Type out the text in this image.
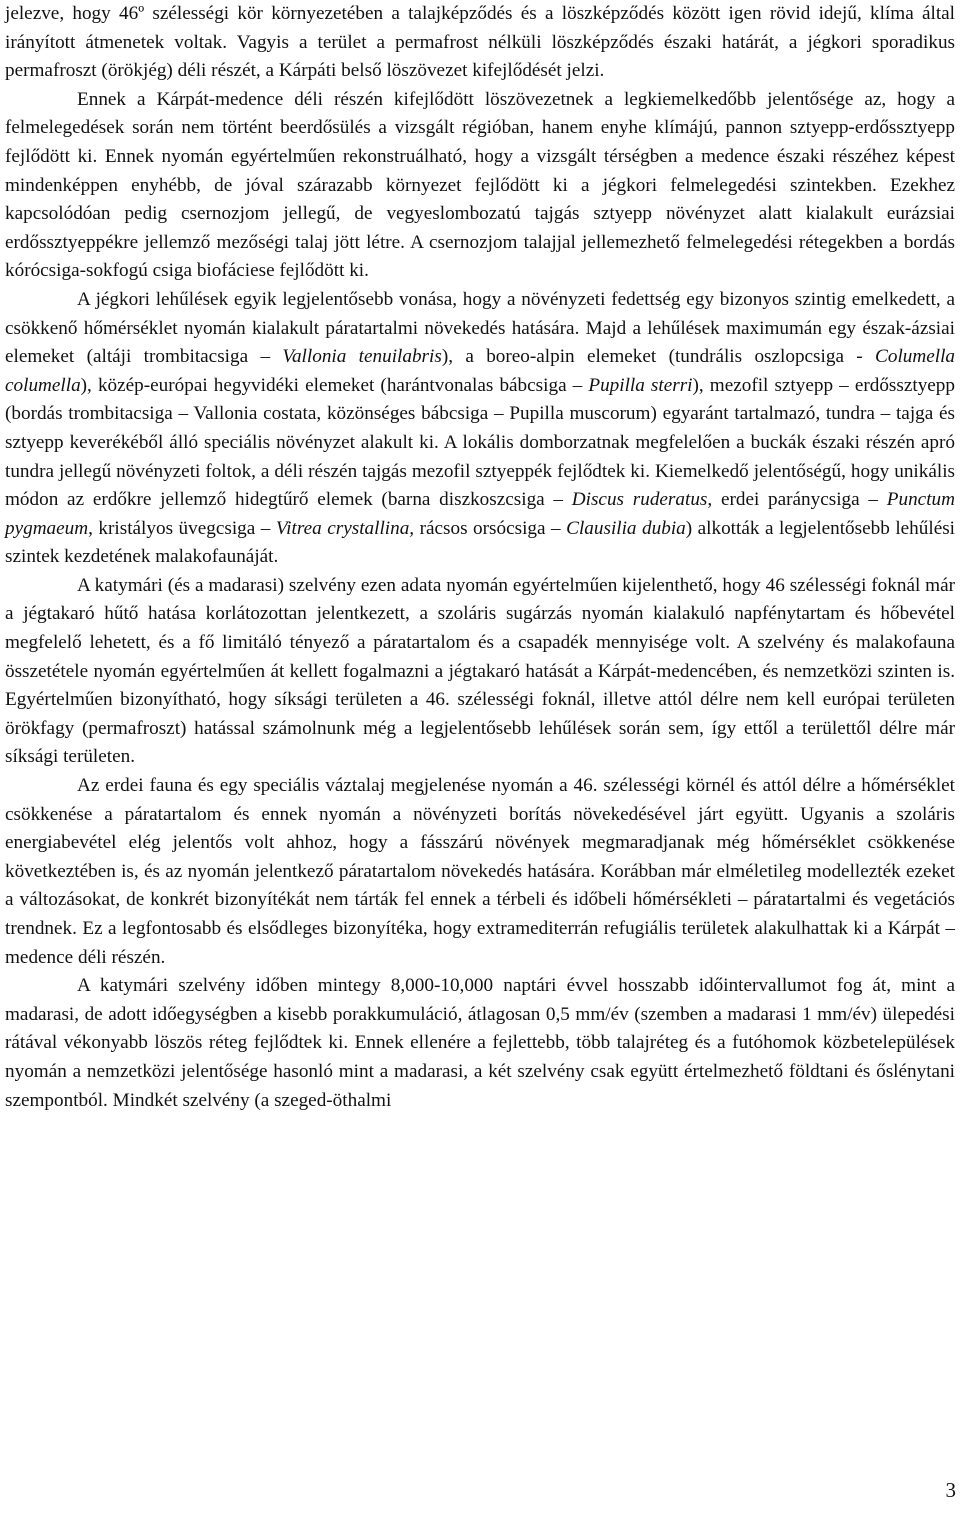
jelezve, hogy 46º szélességi kör környezetében a talajképződés és a löszképződés között igen rövid idejű, klíma által irányított átmenetek voltak. Vagyis a terület a permafrost nélküli löszképződés északi határát, a jégkori sporadikus permafroszt (örökjég) déli részét, a Kárpáti belső löszövezet kifejlődését jelzi.

Ennek a Kárpát-medence déli részén kifejlődött löszövezetnek a legkiemelkedőbb jelentősége az, hogy a felmelegedések során nem történt beerdősülés a vizsgált régióban, hanem enyhe klímájú, pannon sztyepp-erdőssztyepp fejlődött ki. Ennek nyomán egyértelműen rekonstruálható, hogy a vizsgált térségben a medence északi részéhez képest mindenképpen enyhébb, de jóval szárazabb környezet fejlődött ki a jégkori felmelegedési szintekben. Ezekhez kapcsolódóan pedig csernozjom jellegű, de vegyeslombozatú tajgás sztyepp növényzet alatt kialakult eurázsiai erdőssztyeppékre jellemző mezőségi talaj jött létre. A csernozjom talajjal jellemezhető felmelegedési rétegekben a bordás kórócsiga-sokfogú csiga biofáciese fejlődött ki.

A jégkori lehűlések egyik legjelentősebb vonása, hogy a növényzeti fedettség egy bizonyos szintig emelkedett, a csökkenő hőmérséklet nyomán kialakult páratartalmi növekedés hatására. Majd a lehűlések maximumán egy észak-ázsiai elemeket (altáji trombitacsiga – Vallonia tenuilabris), a boreo-alpin elemeket (tundrális oszlopcsiga - Columella columella), közép-európai hegyvidéki elemeket (harántvonalas bábcsiga – Pupilla sterri), mezofil sztyepp – erdőssztyepp (bordás trombitacsiga – Vallonia costata, közönséges bábcsiga – Pupilla muscorum) egyaránt tartalmazó, tundra – tajga és sztyepp keverékéből álló speciális növényzet alakult ki. A lokális domborzatnak megfelelően a buckák északi részén apró tundra jellegű növényzeti foltok, a déli részén tajgás mezofil sztyeppék fejlődtek ki. Kiemelkedő jelentőségű, hogy unikális módon az erdőkre jellemző hidegtűrő elemek (barna diszkoszcsiga – Discus ruderatus, erdei paránycsiga – Punctum pygmaeum, kristályos üvegcsiga – Vitrea crystallina, rácsos orsócsiga – Clausilia dubia) alkották a legjelentősebb lehűlési szintek kezdetének malakofaunáját.

A katymári (és a madarasi) szelvény ezen adata nyomán egyértelműen kijelenthető, hogy 46 szélességi foknál már a jégtakaró hűtő hatása korlátozottan jelentkezett, a szoláris sugárzás nyomán kialakuló napfénytartam és hőbevétel megfelelő lehetett, és a fő limitáló tényező a páratartalom és a csapadék mennyisége volt. A szelvény és malakofauna összetétele nyomán egyértelműen át kellett fogalmazni a jégtakaró hatását a Kárpát-medencében, és nemzetközi szinten is. Egyértelműen bizonyítható, hogy síksági területen a 46. szélességi foknál, illetve attól délre nem kell európai területen örökfagy (permafroszt) hatással számolnunk még a legjelentősebb lehűlések során sem, így ettől a területtől délre már síksági területen.

Az erdei fauna és egy speciális váztalaj megjelenése nyomán a 46. szélességi körnél és attól délre a hőmérséklet csökkenése a páratartalom és ennek nyomán a növényzeti borítás növekedésével járt együtt. Ugyanis a szoláris energiabevétel elég jelentős volt ahhoz, hogy a fásszárú növények megmaradjanak még hőmérséklet csökkenése következtében is, és az nyomán jelentkező páratartalom növekedés hatására. Korábban már elméletileg modellezték ezeket a változásokat, de konkrét bizonyítékát nem tárták fel ennek a térbeli és időbeli hőmérsékleti – páratartalmi és vegetációs trendnek. Ez a legfontosabb és elsődleges bizonyítéka, hogy extramediterrán refugiális területek alakulhattak ki a Kárpát – medence déli részén.

A katymári szelvény időben mintegy 8,000-10,000 naptári évvel hosszabb időintervallumot fog át, mint a madarasi, de adott időegységben a kisebb porakkumuláció, átlagosan 0,5 mm/év (szemben a madarasi 1 mm/év) ülepedési rátával vékonyabb löszös réteg fejlődtek ki. Ennek ellenére a fejlettebb, több talajréteg és a futóhomok közbetelepülések nyomán a nemzetközi jelentősége hasonló mint a madarasi, a két szelvény csak együtt értelmezhető földtani és őslénytani szempontból. Mindkét szelvény (a szeged-öthalmi

3
